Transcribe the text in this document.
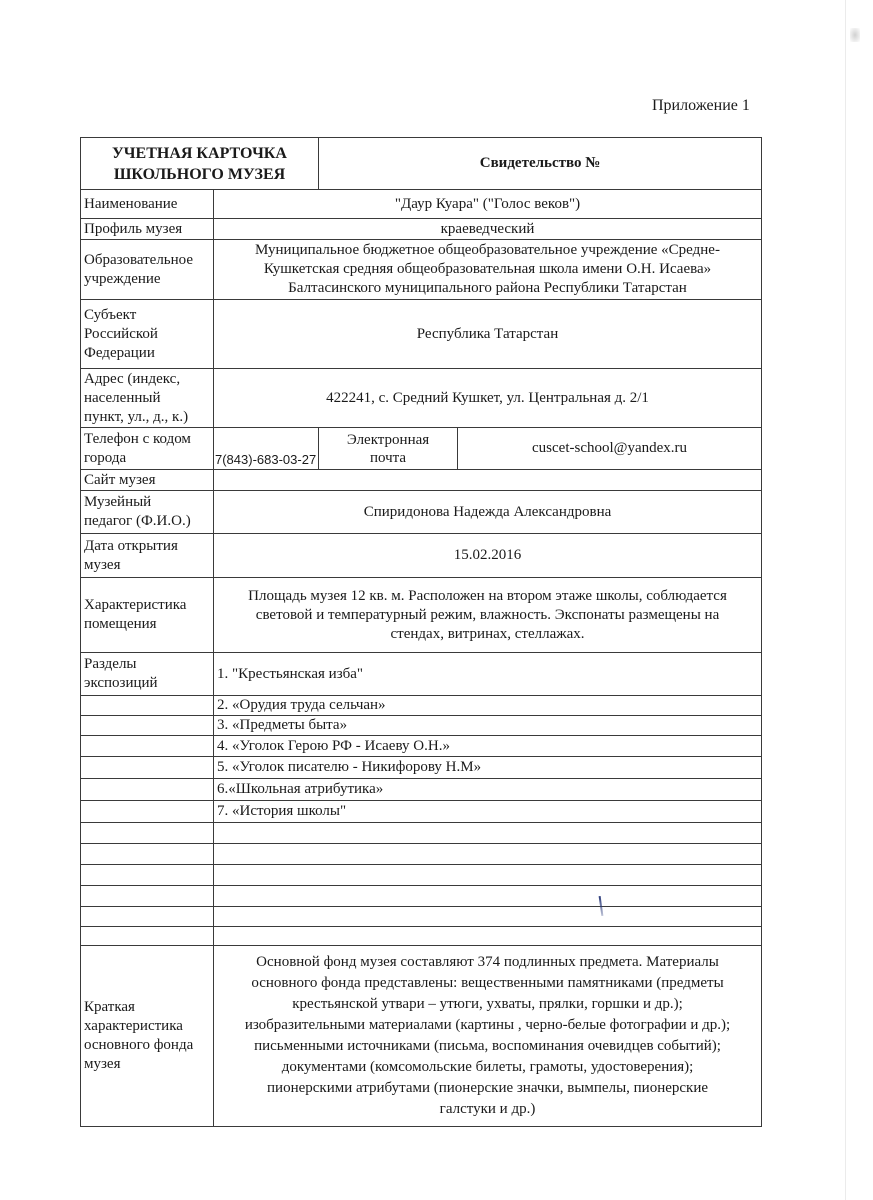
Приложение 1
УЧЕТНАЯ КАРТОЧКА
ШКОЛЬНОГО МУЗЕЯ		Свидетельство №	
Наименование	"Даур Куара" ("Голос веков")		
Профиль музея	краеведческий		
Образовательное
учреждение	Муниципальное бюджетное общеобразовательное учреждение «Средне-
Кушкетская средняя общеобразовательная школа имени О.Н. Исаева»
Балтасинского муниципального района Республики Татарстан		
Субъект
Российской
Федерации	Республика Татарстан		
Адрес (индекс,
населенный
пункт, ул., д., к.)	422241, с. Средний Кушкет, ул. Центральная д. 2/1		
Телефон с кодом
города	7(843)-683-03-27	Электронная
почта	cuscet-school@yandex.ru
Сайт музея			
Музейный
педагог (Ф.И.О.)	Спиридонова Надежда Александровна		
Дата открытия
музея	15.02.2016		
Характеристика
помещения	Площадь музея 12 кв. м. Расположен на втором этаже школы, соблюдается
световой и температурный режим, влажность. Экспонаты размещены на
стендах, витринах, стеллажах.		
Разделы
экспозиций	1. "Крестьянская изба"		
	2. «Орудия труда сельчан»		
	3. «Предметы быта»		
	4. «Уголок Герою РФ - Исаеву О.Н.»		
	5. «Уголок писателю - Никифорову Н.М»		
	6.«Школьная атрибутика»		
	7. «История школы"		

Краткая
характеристика
основного фонда
музея	Основной фонд музея составляют 374 подлинных предмета. Материалы
основного фонда представлены: вещественными памятниками (предметы
крестьянской утвари – утюги, ухваты, прялки, горшки и др.);
изобразительными материалами (картины , черно-белые фотографии и др.);
письменными источниками (письма, воспоминания очевидцев событий);
документами (комсомольские билеты, грамоты, удостоверения);
пионерскими атрибутами (пионерские значки, вымпелы, пионерские
галстуки и др.)
